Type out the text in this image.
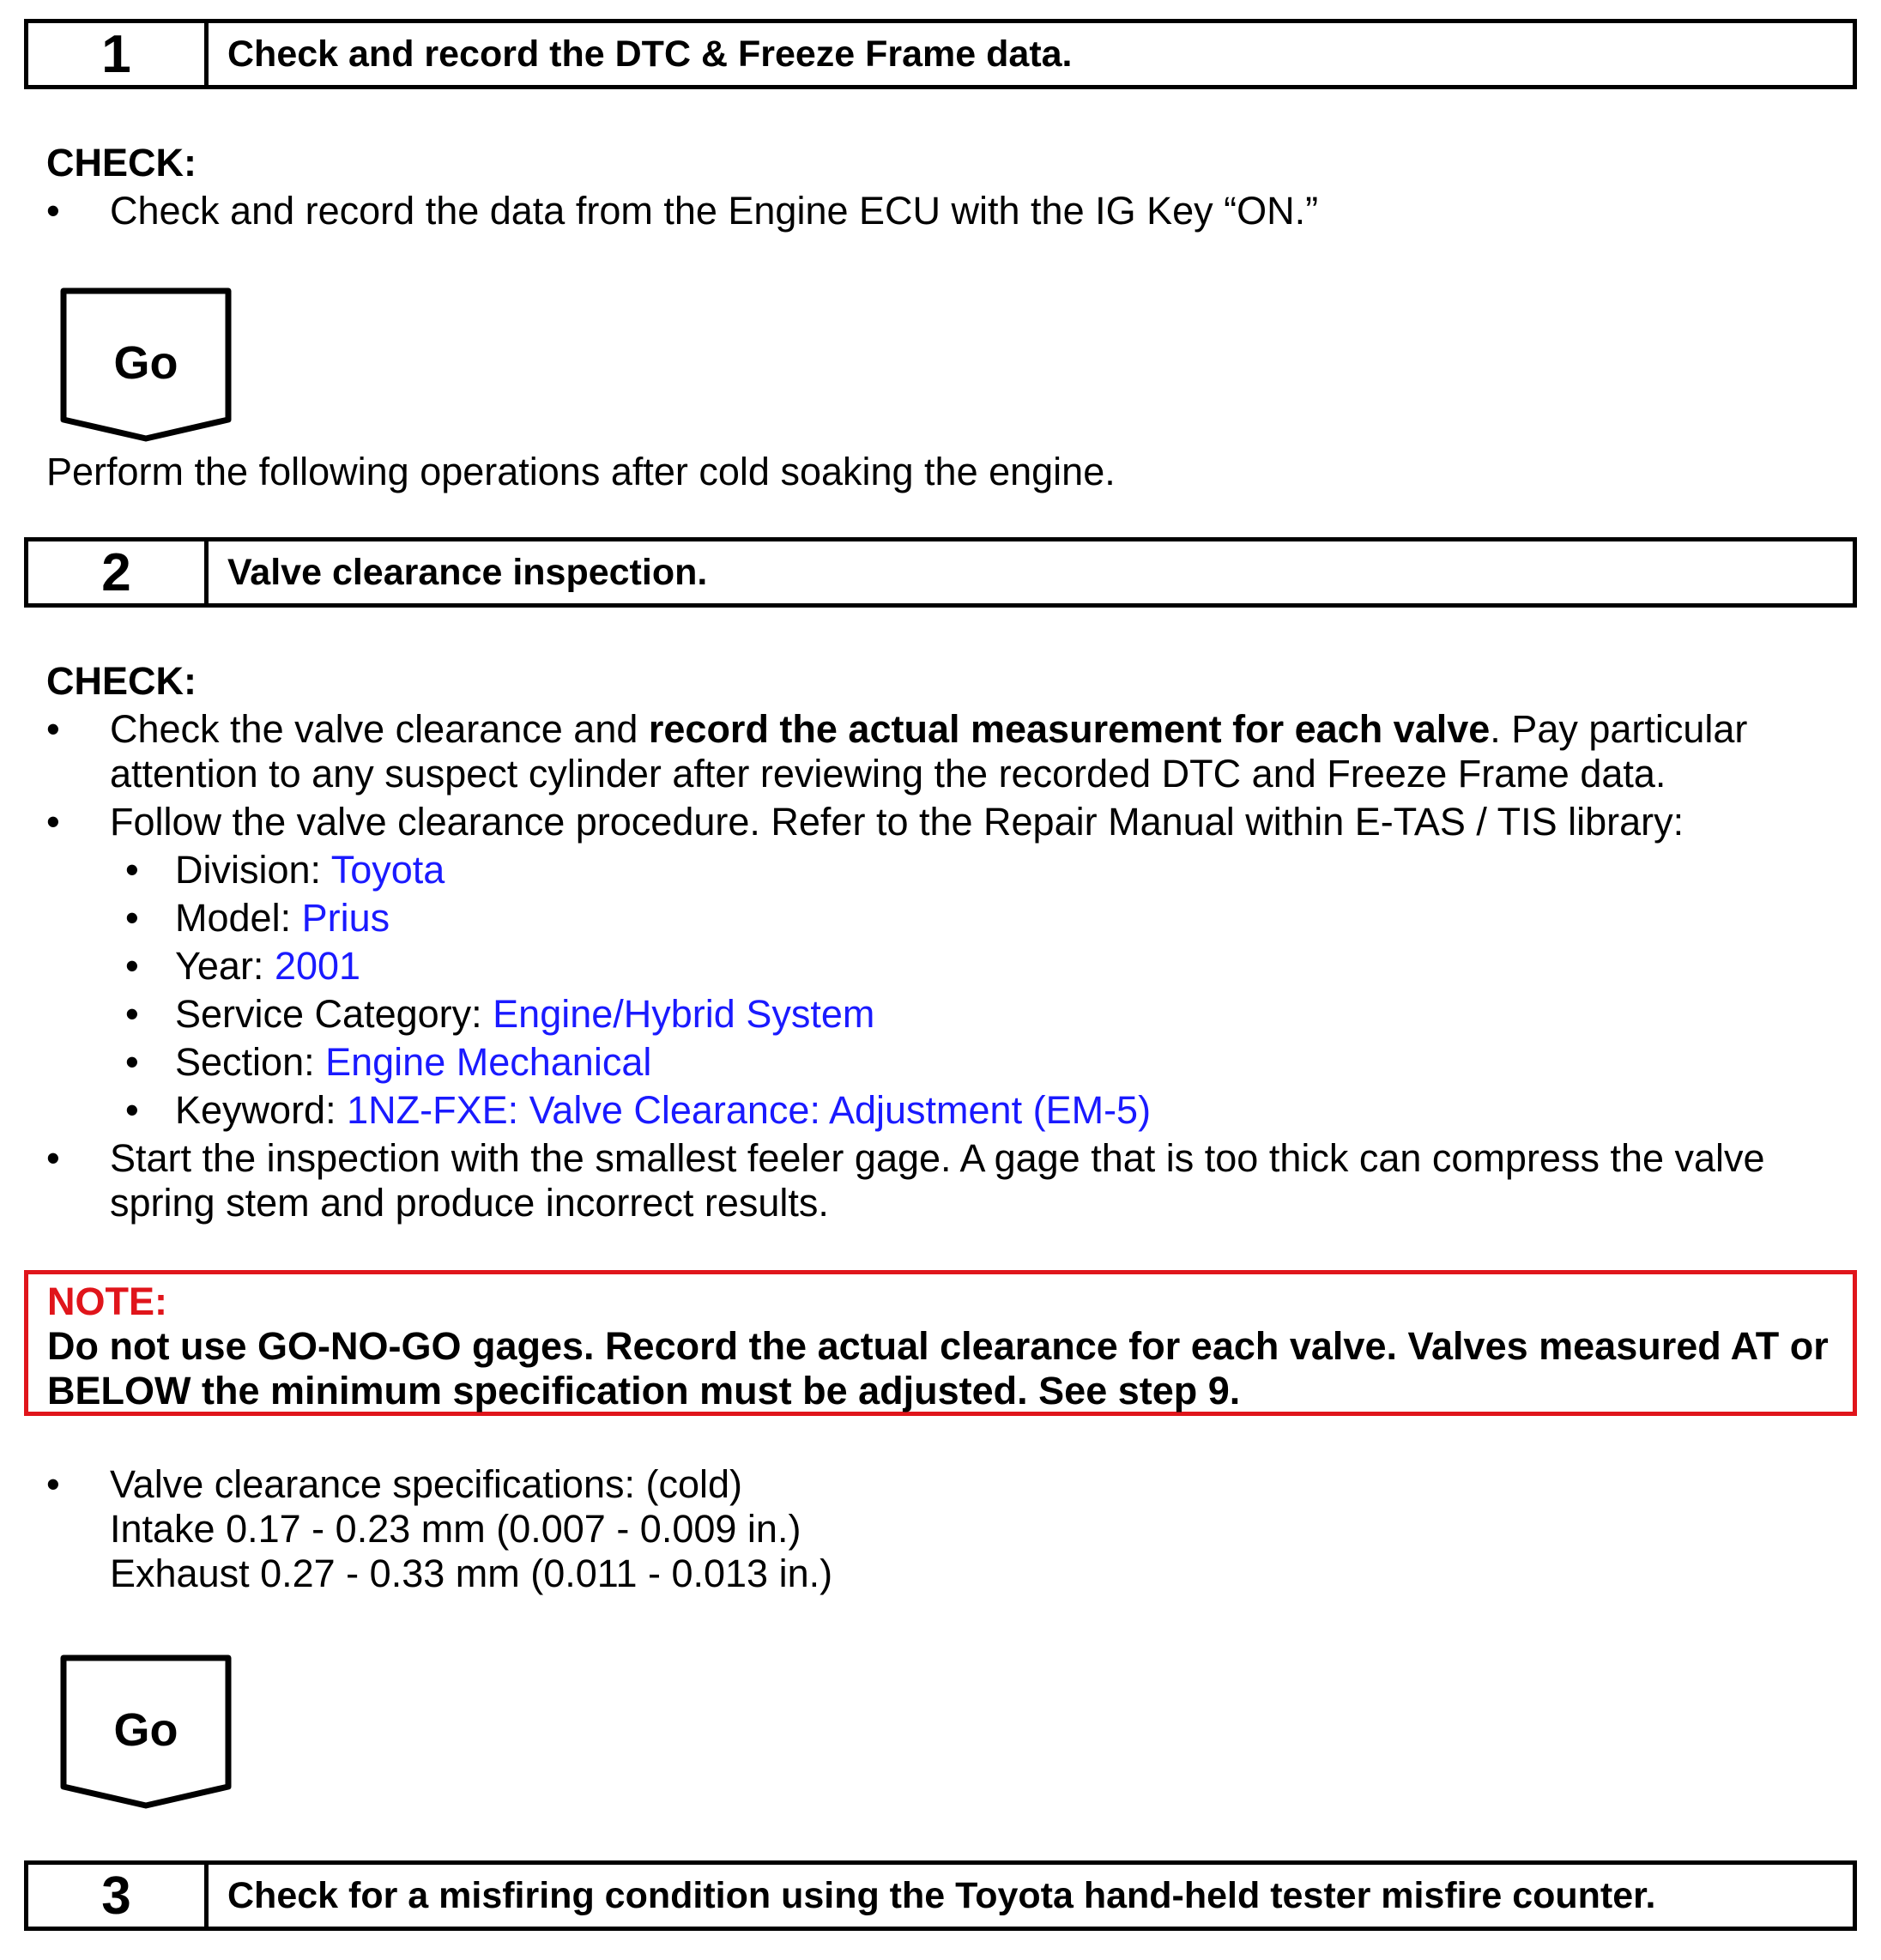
1	Check and record the DTC & Freeze Frame data.
CHECK:
• Check and record the data from the Engine ECU with the IG Key “ON.”
Go
Perform the following operations after cold soaking the engine.
2	Valve clearance inspection.
CHECK:
• Check the valve clearance and record the actual measurement for each valve. Pay particular
attention to any suspect cylinder after reviewing the recorded DTC and Freeze Frame data.
• Follow the valve clearance procedure. Refer to the Repair Manual within E-TAS / TIS library:
• Division: Toyota
• Model: Prius
• Year: 2001
• Service Category: Engine/Hybrid System
• Section: Engine Mechanical
• Keyword: 1NZ-FXE: Valve Clearance: Adjustment (EM-5)
• Start the inspection with the smallest feeler gage. A gage that is too thick can compress the valve
spring stem and produce incorrect results.
NOTE:
Do not use GO-NO-GO gages. Record the actual clearance for each valve. Valves measured AT or BELOW the minimum specification must be adjusted. See step 9.
• Valve clearance specifications: (cold)
Intake 0.17 - 0.23 mm (0.007 - 0.009 in.)
Exhaust 0.27 - 0.33 mm (0.011 - 0.013 in.)
Go
3	Check for a misfiring condition using the Toyota hand-held tester misfire counter.
